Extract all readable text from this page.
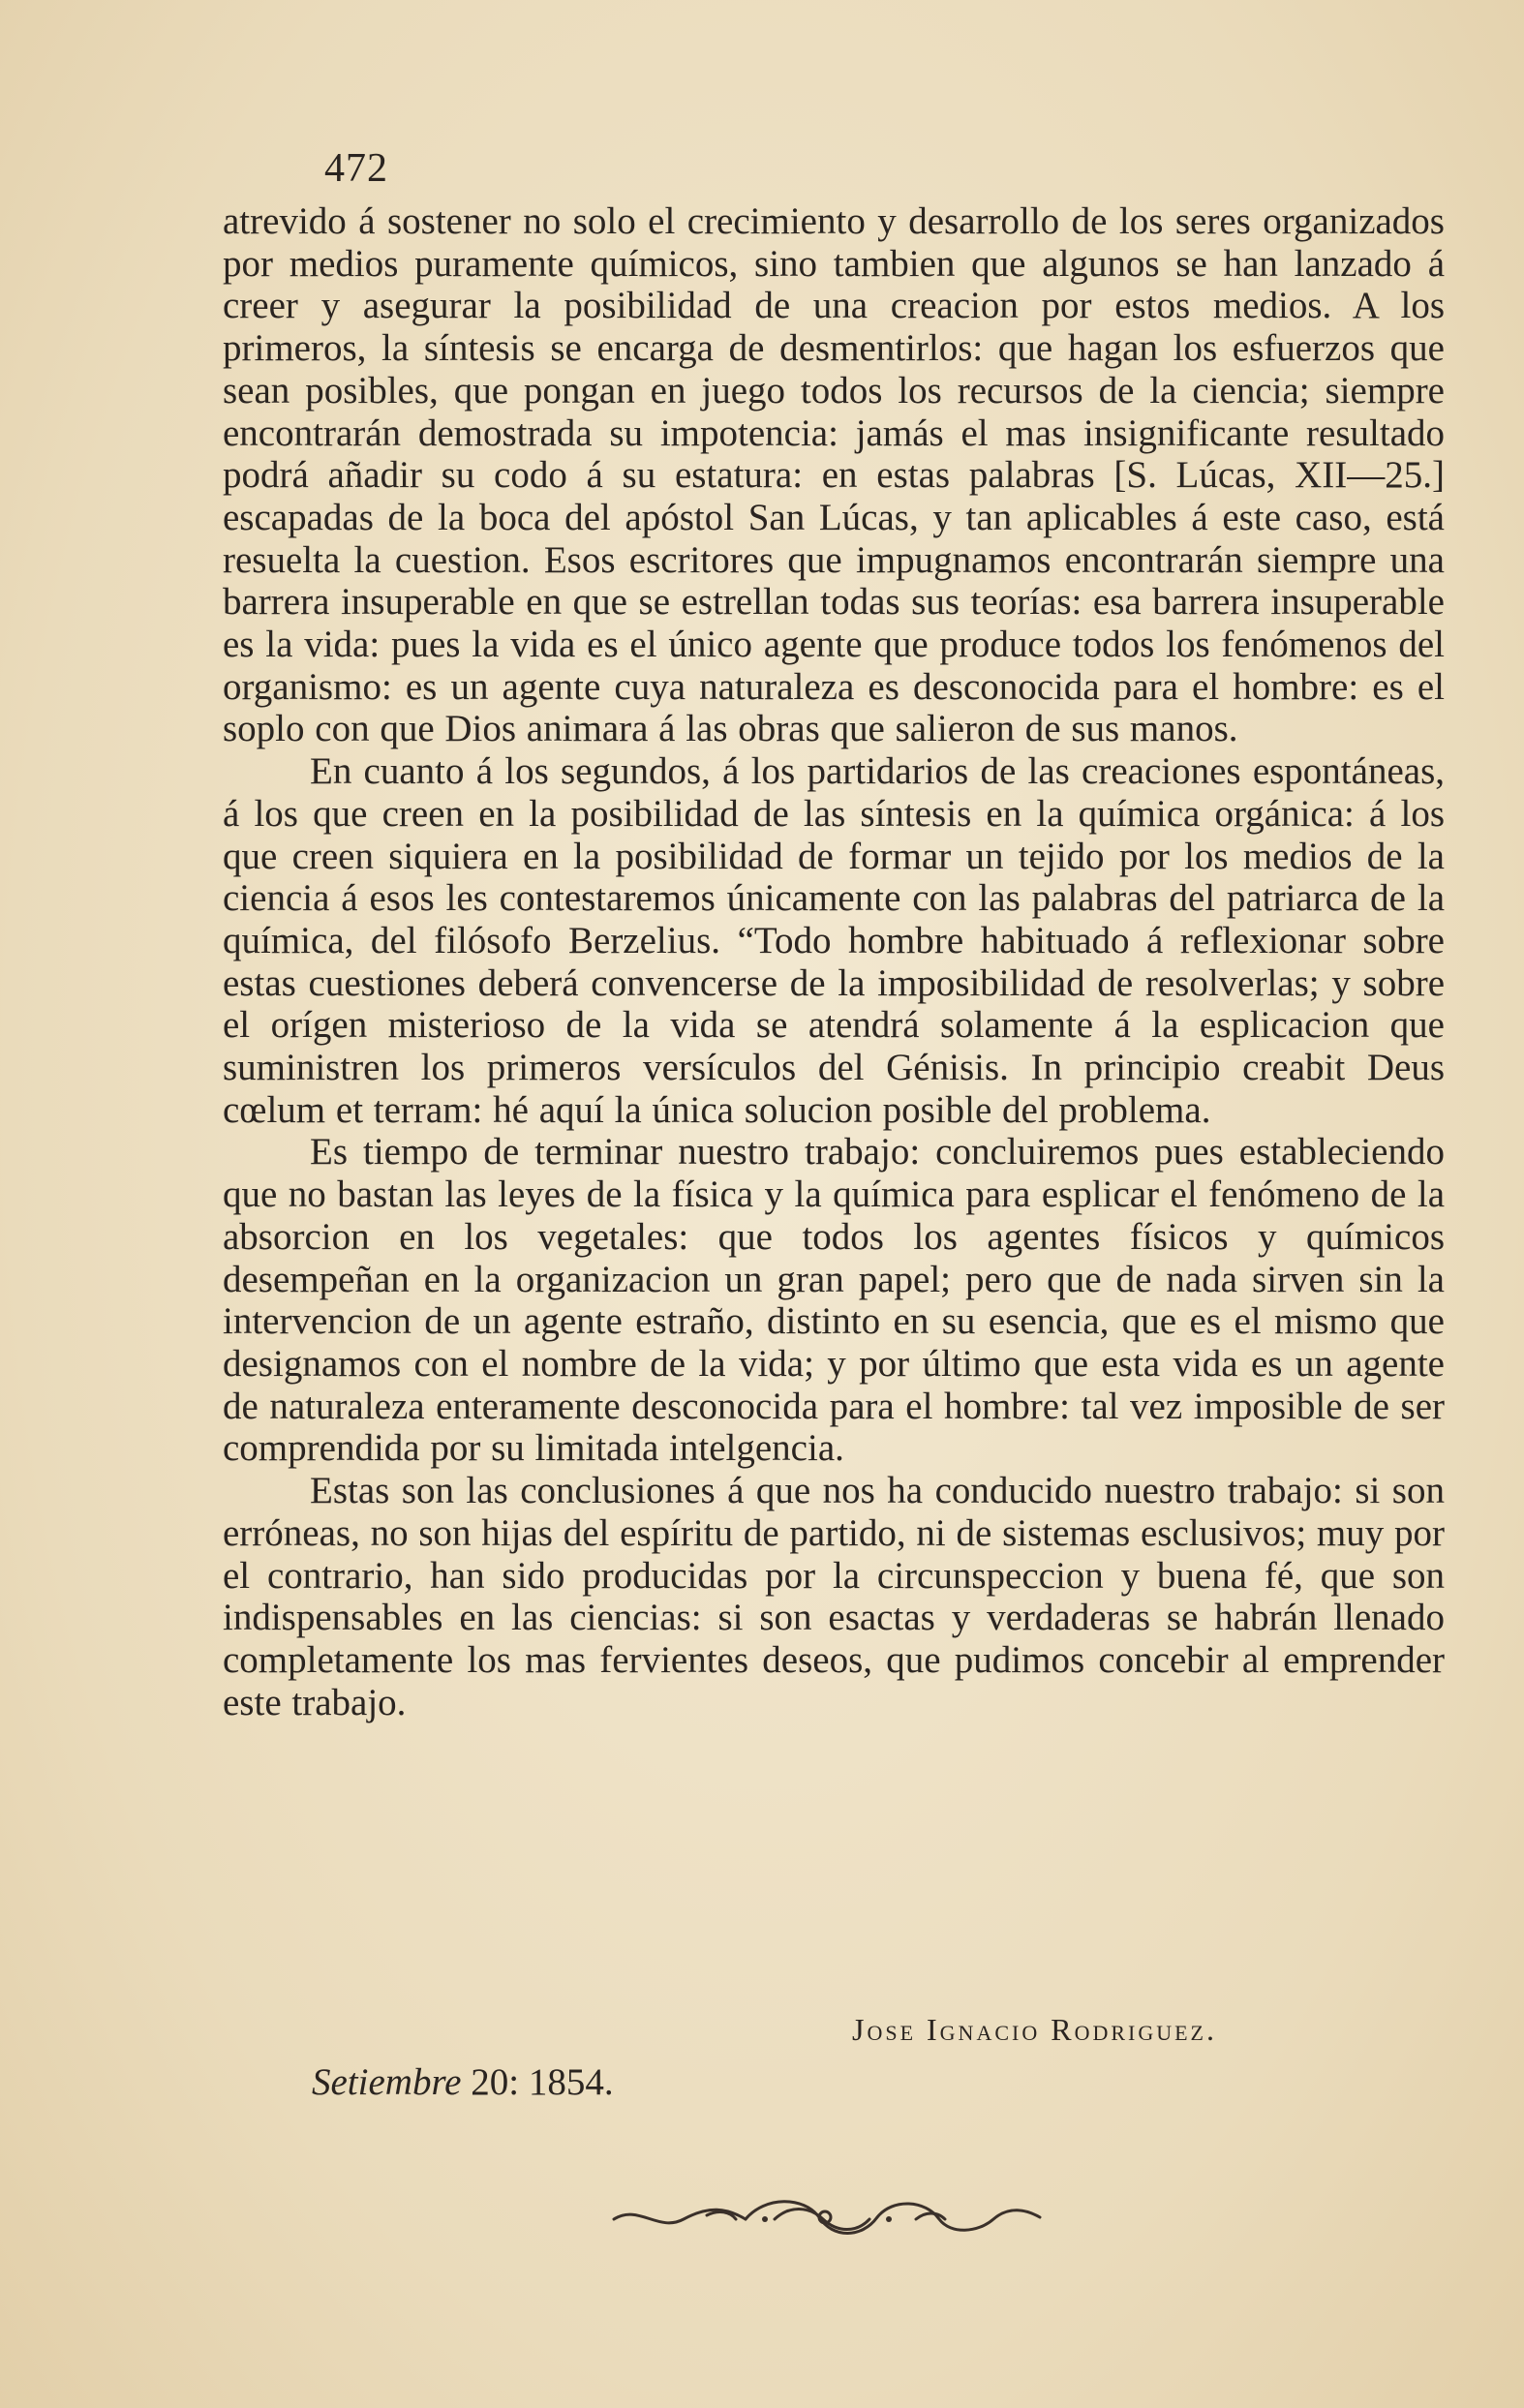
472

atrevido á sostener no solo el crecimiento y desarrollo de los seres organizados por medios puramente químicos, sino tambien que algunos se han lanzado á creer y asegurar la posibilidad de una creacion por estos medios. A los primeros, la síntesis se encarga de desmentirlos: que hagan los esfuerzos que sean posibles, que pongan en juego todos los recursos de la ciencia; siempre encontrarán demostrada su impotencia: jamás el mas insignificante resultado podrá añadir su codo á su estatura: en estas palabras [S. Lúcas, XII—25.] escapadas de la boca del apóstol San Lúcas, y tan aplicables á este caso, está resuelta la cuestion. Esos escritores que impugnamos encontrarán siempre una barrera insuperable en que se estrellan todas sus teorías: esa barrera insuperable es la vida: pues la vida es el único agente que produce todos los fenómenos del organismo: es un agente cuya naturaleza es desconocida para el hombre: es el soplo con que Dios animara á las obras que salieron de sus manos.

En cuanto á los segundos, á los partidarios de las creaciones espontáneas, á los que creen en la posibilidad de las síntesis en la química orgánica: á los que creen siquiera en la posibilidad de formar un tejido por los medios de la ciencia á esos les contestaremos únicamente con las palabras del patriarca de la química, del filósofo Berzelius. “Todo hombre habituado á reflexionar sobre estas cuestiones deberá convencerse de la imposibilidad de resolverlas; y sobre el orígen misterioso de la vida se atendrá solamente á la esplicacion que suministren los primeros versículos del Génisis. In principio creabit Deus cœlum et terram: hé aquí la única solucion posible del problema.

Es tiempo de terminar nuestro trabajo: concluiremos pues estableciendo que no bastan las leyes de la física y la química para esplicar el fenómeno de la absorcion en los vegetales: que todos los agentes físicos y químicos desempeñan en la organizacion un gran papel; pero que de nada sirven sin la intervencion de un agente estraño, distinto en su esencia, que es el mismo que designamos con el nombre de la vida; y por último que esta vida es un agente de naturaleza enteramente desconocida para el hombre: tal vez imposible de ser comprendida por su limitada intelgencia.

Estas son las conclusiones á que nos ha conducido nuestro trabajo: si son erróneas, no son hijas del espíritu de partido, ni de sistemas esclusivos; muy por el contrario, han sido producidas por la circunspeccion y buena fé, que son indispensables en las ciencias: si son esactas y verdaderas se habrán llenado completamente los mas fervientes deseos, que pudimos concebir al emprender este trabajo.

Jose Ignacio Rodriguez.
Setiembre 20: 1854.
